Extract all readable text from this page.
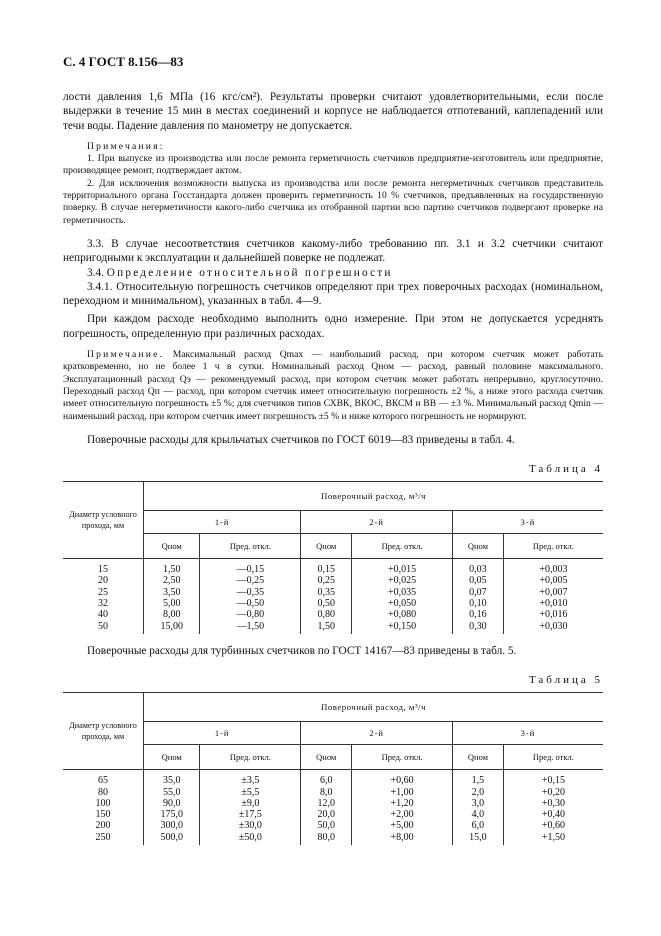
С. 4 ГОСТ 8.156—83

лости давления 1,6 МПа (16 кгс/см²). Результаты проверки считают удовлетворительными, если после выдержки в течение 15 мин в местах соединений и корпусе не наблюдается отпотеваний, каплепадений или течи воды. Падение давления по манометру не допускается.

Примечания:

1. При выпуске из производства или после ремонта герметичность счетчиков предприятие-изготовитель или предприятие, производящее ремонт, подтверждает актом.

2. Для исключения возможности выпуска из производства или после ремонта негерметичных счетчиков представитель территориального органа Госстандарта должен проверить герметичность 10 % счетчиков, предъявленных на государственную поверку. В случае негерметичности какого-либо счетчика из отобранной партии всю партию счетчиков подвергают проверке на герметичность.

3.3. В случае несоответствия счетчиков какому-либо требованию пп. 3.1 и 3.2 счетчики считают непригодными к эксплуатации и дальнейшей поверке не подлежат.

3.4. Определение относительной погрешности

3.4.1. Относительную погрешность счетчиков определяют при трех поверочных расходах (номинальном, переходном и минимальном), указанных в табл. 4—9.

При каждом расходе необходимо выполнить одно измерение. При этом не допускается усреднять погрешность, определенную при различных расходах.

Примечание. Максимальный расход Qmax — наибольший расход, при котором счетчик может работать кратковременно, но не более 1 ч в сутки. Номинальный расход Qном — расход, равный половине максимального. Эксплуатационный расход Qэ — рекомендуемый расход, при котором счетчик может работать непрерывно, круглосуточно. Переходный расход Qп — расход, при котором счетчик имеет относительную погрешность ±2 %, а ниже этого расхода счетчик имеет относительную погрешность ±5 %; для счетчиков типов СХВК, ВКОС, ВКСМ и ВВ — ±3 %. Минимальный расход Qmin — наименьший расход, при котором счетчик имеет погрешность ±5 % и ниже которого погрешность не нормируют.

Поверочные расходы для крыльчатых счетчиков по ГОСТ 6019—83 приведены в табл. 4.

Таблица 4
Диаметр условного прохода, мм	Поверочный расход, м³/ч					
	1-й		2-й		3-й	
	Qном	Пред. откл.	Qном	Пред. откл.	Qном	Пред. откл.
15	1,50	—0,15	0,15	+0,015	0,03	+0,003
20	2,50	—0,25	0,25	+0,025	0,05	+0,005
25	3,50	—0,35	0,35	+0,035	0,07	+0,007
32	5,00	—0,50	0,50	+0,050	0,10	+0,010
40	8,00	—0,80	0,80	+0,080	0,16	+0,016
50	15,00	—1,50	1,50	+0,150	0,30	+0,030

Поверочные расходы для турбинных счетчиков по ГОСТ 14167—83 приведены в табл. 5.

Таблица 5
Диаметр условного прохода, мм	Поверочный расход, м³/ч					
	1-й		2-й		3-й	
	Qном	Пред. откл.	Qном	Пред. откл.	Qном	Пред. откл.
65	35,0	±3,5	6,0	+0,60	1,5	+0,15
80	55,0	±5,5	8,0	+1,00	2,0	+0,20
100	90,0	±9,0	12,0	+1,20	3,0	+0,30
150	175,0	±17,5	20,0	+2,00	4,0	+0,40
200	300,0	±30,0	50,0	+5,00	6,0	+0,60
250	500,0	±50,0	80,0	+8,00	15,0	+1,50
